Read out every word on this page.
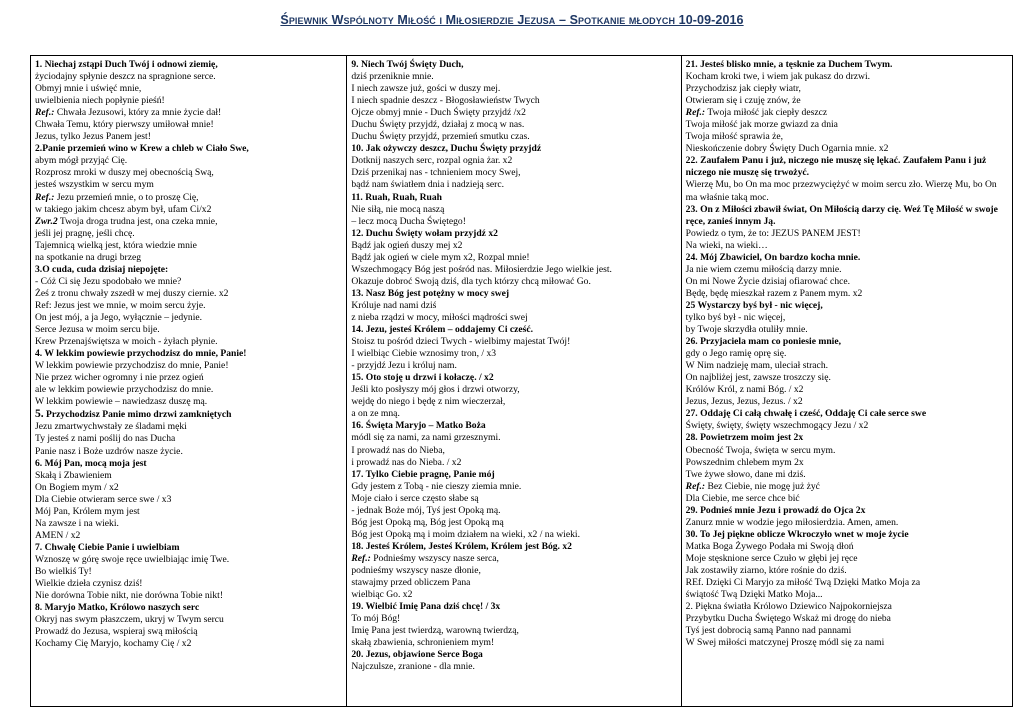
Śpiewnik Wspólnoty Miłość i Miłosierdzie Jezusa – Spotkanie młodych 10-09-2016
1. Niechaj zstąpi Duch Twój i odnowi ziemię,
życiodajny spłynie deszcz na spragnione serce.
Obmyj mnie i uświęć mnie,
uwielbienia niech popłynie pieśń!
Ref.: Chwała Jezusowi, który za mnie życie dał!
Chwała Temu, który pierwszy umiłował mnie!
Jezus, tylko Jezus Panem jest!
2.Panie przemień wino w Krew a chleb w Ciało Swe,
abym mógł przyjąć Cię.
Rozprosz mroki w duszy mej obecnością Swą,
jesteś wszystkim w sercu mym
Ref.: Jezu przemień mnie, o to proszę Cię,
w takiego jakim chcesz abym był, ufam Ci/x2
Zwr.2 Twoja droga trudna jest, ona czeka mnie,
jeśli jej pragnę, jeśli chcę.
Tajemnicą wielką jest, która wiedzie mnie
na spotkanie na drugi brzeg
3.O cuda, cuda dzisiaj niepojęte:
- Cóż Ci się Jezu spodobało we mnie?
Żeś z tronu chwały zszedł w mej duszy ciernie. x2
Ref: Jezus jest we mnie, w moim sercu żyje.
On jest mój, a ja Jego, wyłącznie – jedynie.
Serce Jezusa w moim sercu bije.
Krew Przenajświętsza w moich - żyłach płynie.
4. W lekkim powiewie przychodzisz do mnie, Panie!
W lekkim powiewie przychodzisz do mnie, Panie!
Nie przez wicher ogromny i nie przez ogień
ale w lekkim powiewie przychodzisz do mnie.
W lekkim powiewie – nawiedzasz duszę mą.
5. Przychodzisz Panie mimo drzwi zamkniętych
Jezu zmartwychwstały ze śladami męki
Ty jesteś z nami poślij do nas Ducha
Panie nasz i Boże uzdrów nasze życie.
6. Mój Pan, mocą moja jest
Skałą i Zbawieniem
On Bogiem mym / x2
Dla Ciebie otwieram serce swe / x3
Mój Pan, Królem mym jest
Na zawsze i na wieki.
AMEN / x2
7. Chwałę Ciebie Panie i uwielbiam
Wznoszę w górę swoje ręce uwielbiając imię Twe.
Bo wielkiś Ty!
Wielkie dzieła czynisz dziś!
Nie dorówna Tobie nikt, nie dorówna Tobie nikt!
8. Maryjo Matko, Królowo naszych serc
Okryj nas swym płaszczem, ukryj w Twym sercu
Prowadź do Jezusa, wspieraj swą miłością
Kochamy Cię Maryjo, kochamy Cię / x2
9. Niech Twój Święty Duch,
dziś przeniknie mnie.
I niech zawsze już, gości w duszy mej.
I niech spadnie deszcz - Błogosławieństw Twych
Ojcze obmyj mnie - Duch Święty przyjdź /x2
Duchu Święty przyjdź, działaj z mocą w nas.
Duchu Święty przyjdź, przemień smutku czas.
10. Jak ożywczy deszcz, Duchu Święty przyjdź
Dotknij naszych serc, rozpal ognia żar. x2
Dziś przenikaj nas - tchnieniem mocy Swej,
bądź nam światłem dnia i nadzieją serc.
11. Ruah, Ruah, Ruah
Nie siłą, nie mocą naszą
– lecz mocą Ducha Świętego!
12. Duchu Święty wołam przyjdź x2
Bądź jak ogień duszy mej x2
Bądź jak ogień w ciele mym x2, Rozpal mnie!
Wszechmogący Bóg jest pośród nas. Miłosierdzie Jego wielkie jest.
Okazuje dobroć Swoją dziś, dla tych którzy chcą miłować Go.
13. Nasz Bóg jest potężny w mocy swej
Króluje nad nami dziś
z nieba rządzi w mocy, miłości mądrości swej
14. Jezu, jesteś Królem – oddajemy Ci cześć.
Stoisz tu pośród dzieci Twych - wielbimy majestat Twój!
I wielbiąc Ciebie wznosimy tron, / x3
- przyjdź Jezu i króluj nam.
15. Oto stoję u drzwi i kołaczę. / x2
Jeśli kto posłyszy mój głos i drzwi otworzy,
wejdę do niego i będę z nim wieczerzał,
a on ze mną.
16. Święta Maryjo – Matko Boża
módl się za nami, za nami grzesznymi.
I prowadź nas do Nieba,
i prowadź nas do Nieba. / x2
17. Tylko Ciebie pragnę, Panie mój
Gdy jestem z Tobą - nie cieszy ziemia mnie.
Moje ciało i serce często słabe są
- jednak Boże mój, Tyś jest Opoką mą.
Bóg jest Opoką mą, Bóg jest Opoką mą
Bóg jest Opoką mą i moim działem na wieki, x2 / na wieki.
18. Jesteś Królem, Jesteś Królem, Królem jest Bóg. x2
Ref.: Podnieśmy wszyscy nasze serca,
podnieśmy wszyscy nasze dłonie,
stawajmy przed obliczem Pana
wielbiąc Go. x2
19. Wielbić Imię Pana dziś chcę! / 3x
To mój Bóg!
Imię Pana jest twierdzą, warowną twierdzą,
skałą zbawienia, schronieniem mym!
20. Jezus, objawione Serce Boga
Najczulsze, zranione - dla mnie.
21. Jesteś blisko mnie, a tęsknie za Duchem Twym.
Kocham kroki twe, i wiem jak pukasz do drzwi.
Przychodzisz jak ciepły wiatr,
Otwieram się i czuję znów, że
Ref.: Twoja miłość jak ciepły deszcz
Twoja miłość jak morze gwiazd za dnia
Twoja miłość sprawia że,
Nieskończenie dobry Święty Duch Ogarnia mnie. x2
22. Zaufałem Panu i już, niczego nie muszę się lękać. Zaufałem Panu i już niczego nie muszę się trwożyć.
Wierzę Mu, bo On ma moc przezwyciężyć w moim sercu zło. Wierzę Mu, bo On ma właśnie taką moc.
23. On z Miłości zbawił świat, On Miłością darzy cię. Weź Tę Miłość w swoje ręce, zanieś innym Ją.
Powiedz o tym, że to: JEZUS PANEM JEST!
Na wieki, na wieki…
24. Mój Zbawiciel, On bardzo kocha mnie.
Ja nie wiem czemu miłością darzy mnie.
On mi Nowe Życie dzisiaj ofiarować chce.
Będę, będę mieszkał razem z Panem mym. x2
25 Wystarczy byś był - nic więcej,
tylko byś był - nic więcej,
by Twoje skrzydła otuliły mnie.
26. Przyjaciela mam co poniesie mnie,
gdy o Jego ramię oprę się.
W Nim nadzieję mam, uleciał strach.
On najbliżej jest, zawsze troszczy się.
Królów Król, z nami Bóg. / x2
Jezus, Jezus, Jezus, Jezus. / x2
27. Oddaję Ci całą chwałę i cześć, Oddaję Ci całe serce swe
Święty, święty, święty wszechmogący Jezu / x2
28. Powietrzem moim jest 2x
Obecność Twoja, święta w sercu mym.
Powszednim chlebem mym 2x
Twe żywe słowo, dane mi dziś.
Ref.: Bez Ciebie, nie mogę już żyć
Dla Ciebie, me serce chce bić
29. Podnieś mnie Jezu i prowadź do Ojca 2x
Zanurz mnie w wodzie jego miłosierdzia. Amen, amen.
30. To Jej piękne oblicze Wkroczyło wnet w moje życie
Matka Boga Żywego Podała mi Swoją dłoń
Moje stęsknione serce Czuło w głębi jej ręce
Jak zostawiły ziarno, które rośnie do dziś.
REf. Dzięki Ci Maryjo za miłość Twą Dzięki Matko Moja za
świątość Twą Dzięki Matko Moja...
2. Piękna światła Królowo Dziewico Najpokorniejsza
Przybytku Ducha Świętego Wskaż mi drogę do nieba
Tyś jest dobrocią samą Panno nad pannami
W Swej miłości matczynej Proszę módl się za nami
